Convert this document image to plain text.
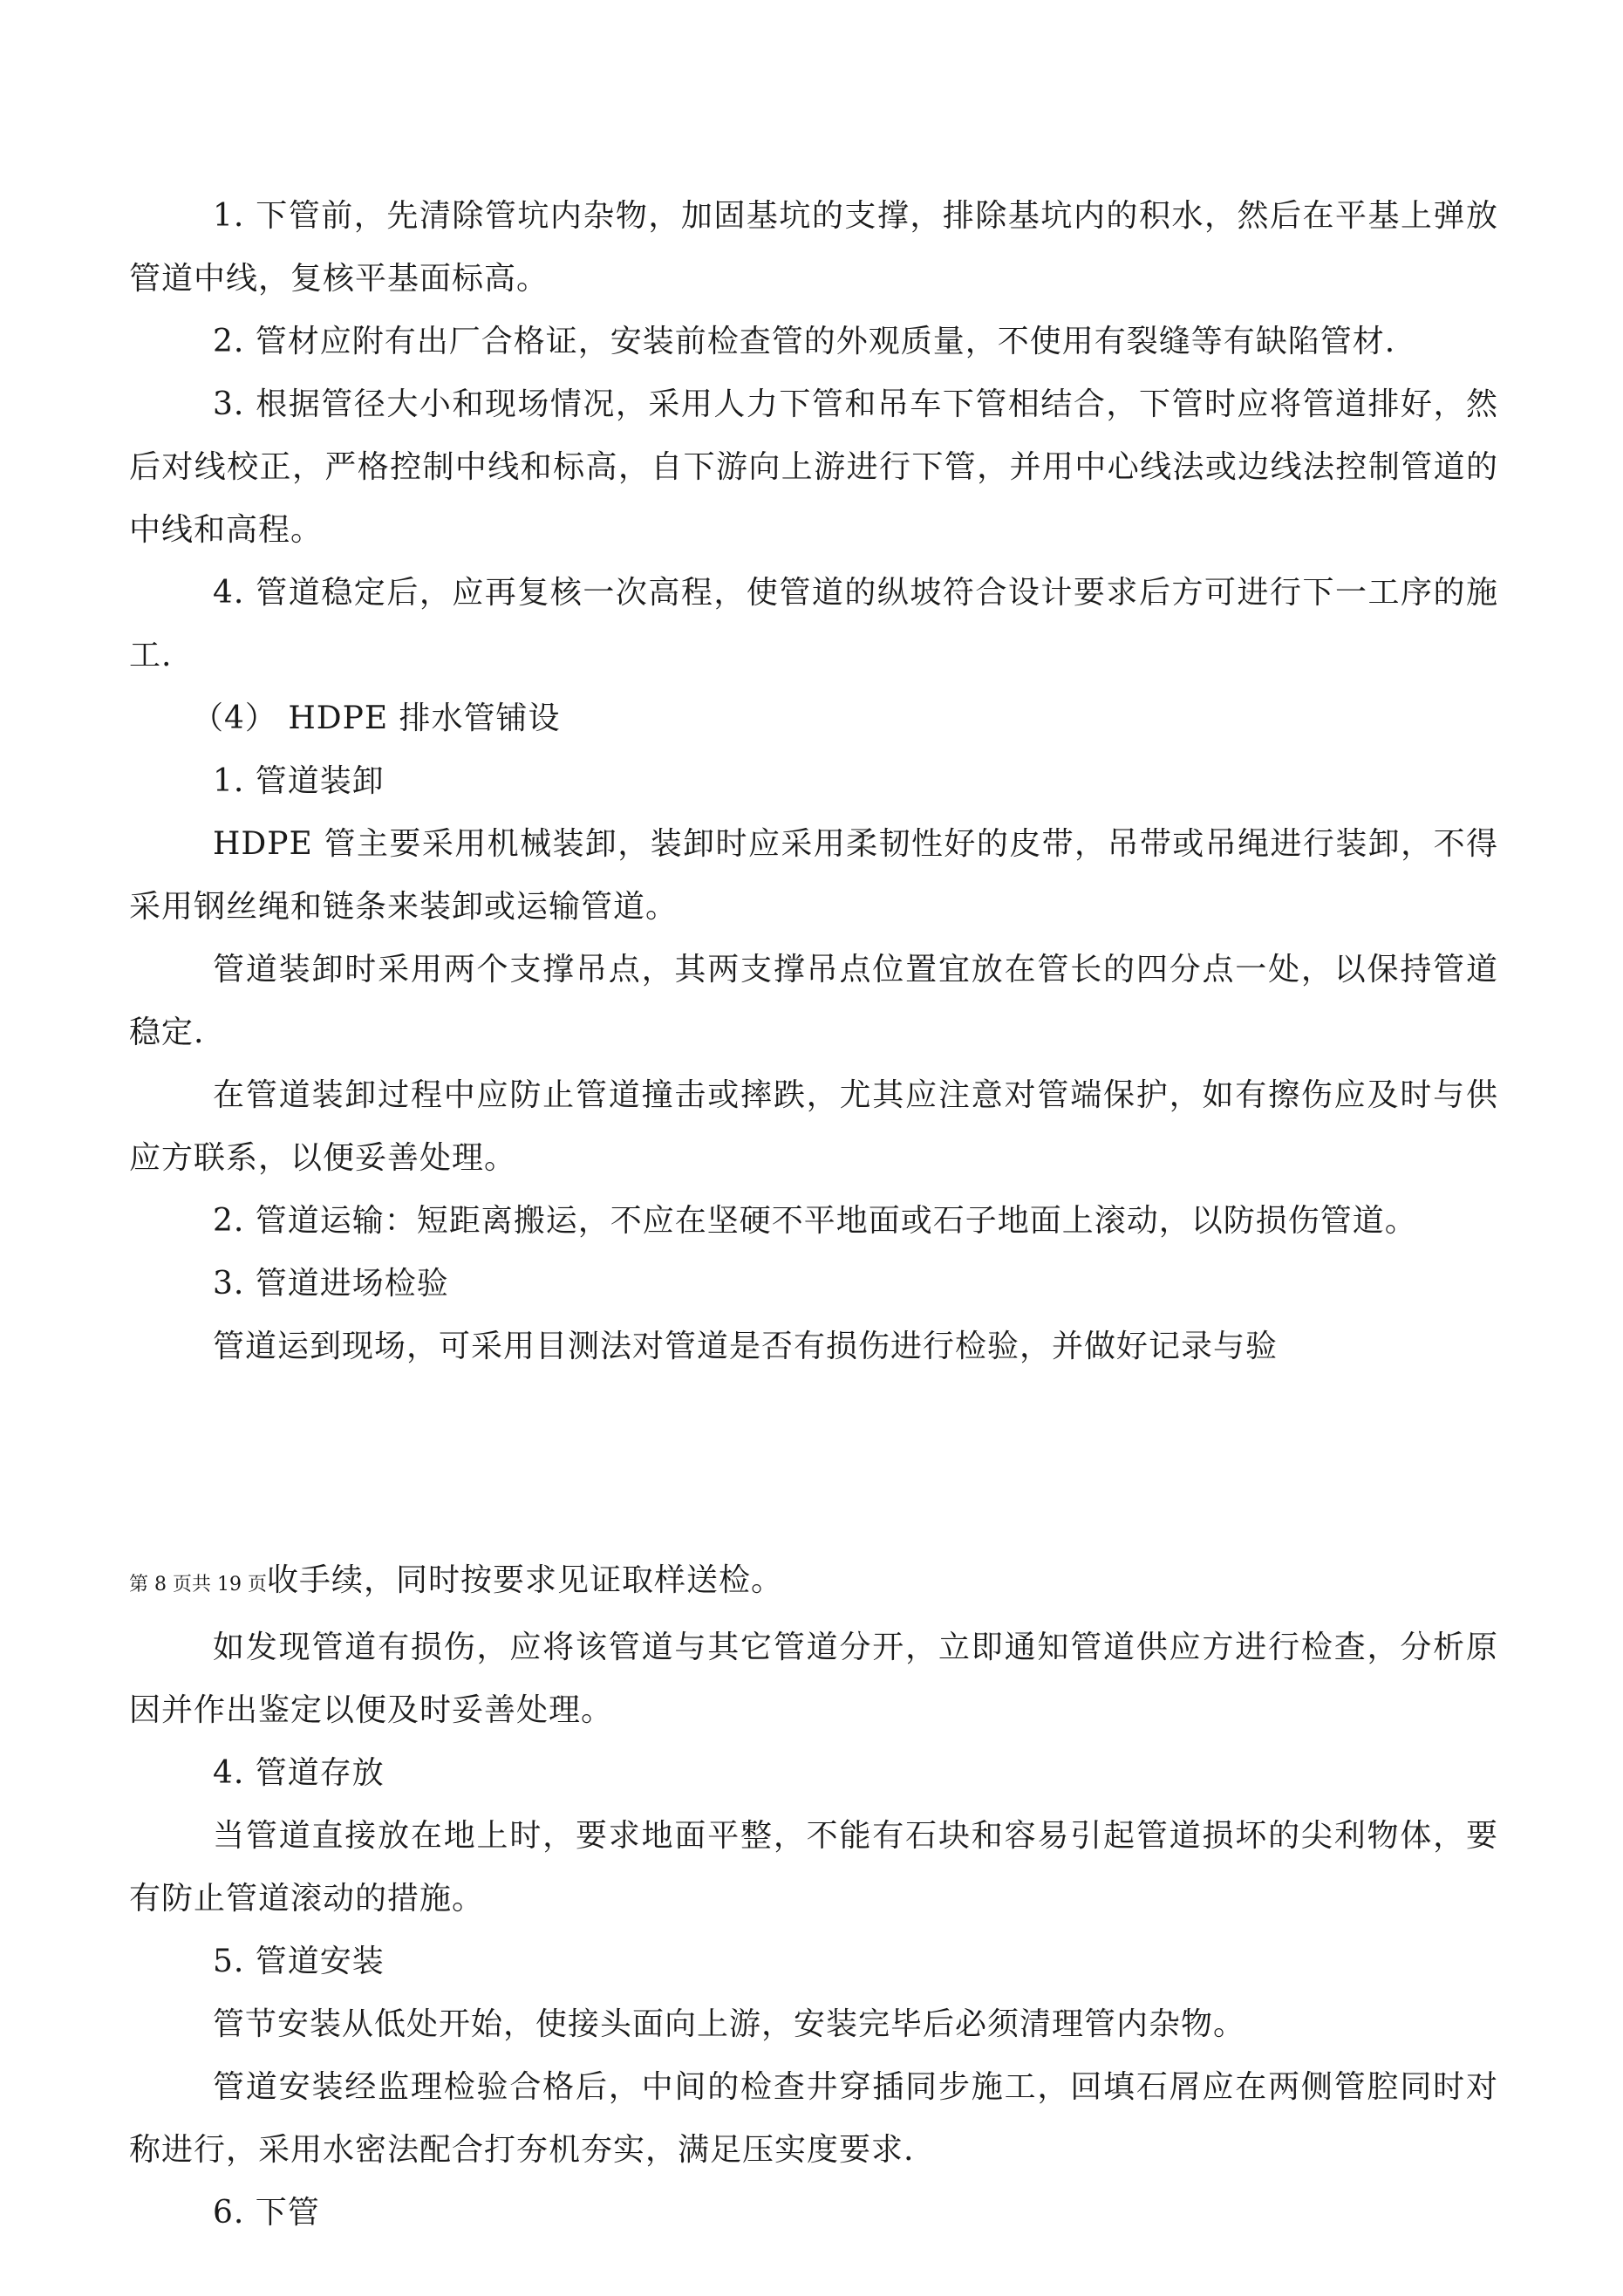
1. 下管前，先清除管坑内杂物，加固基坑的支撑，排除基坑内的积水，然后在平基上弹放管道中线，复核平基面标高。

2. 管材应附有出厂合格证，安装前检查管的外观质量，不使用有裂缝等有缺陷管材.

3. 根据管径大小和现场情况，采用人力下管和吊车下管相结合，下管时应将管道排好，然后对线校正，严格控制中线和标高，自下游向上游进行下管，并用中心线法或边线法控制管道的中线和高程。

4. 管道稳定后，应再复核一次高程，使管道的纵坡符合设计要求后方可进行下一工序的施工.

（4） HDPE 排水管铺设

1. 管道装卸

HDPE 管主要采用机械装卸，装卸时应采用柔韧性好的皮带，吊带或吊绳进行装卸，不得采用钢丝绳和链条来装卸或运输管道。

管道装卸时采用两个支撑吊点，其两支撑吊点位置宜放在管长的四分点一处，以保持管道稳定.

在管道装卸过程中应防止管道撞击或摔跌，尤其应注意对管端保护，如有擦伤应及时与供应方联系，以便妥善处理。

2. 管道运输：短距离搬运，不应在坚硬不平地面或石子地面上滚动，以防损伤管道。

3. 管道进场检验

管道运到现场，可采用目测法对管道是否有损伤进行检验，并做好记录与验

第 8 页共 19 页收手续，同时按要求见证取样送检。

如发现管道有损伤，应将该管道与其它管道分开，立即通知管道供应方进行检查，分析原因并作出鉴定以便及时妥善处理。

4. 管道存放

当管道直接放在地上时，要求地面平整，不能有石块和容易引起管道损坏的尖利物体，要有防止管道滚动的措施。

5. 管道安装

管节安装从低处开始，使接头面向上游，安装完毕后必须清理管内杂物。

管道安装经监理检验合格后，中间的检查井穿插同步施工，回填石屑应在两侧管腔同时对称进行，采用水密法配合打夯机夯实，满足压实度要求.

6. 下管
